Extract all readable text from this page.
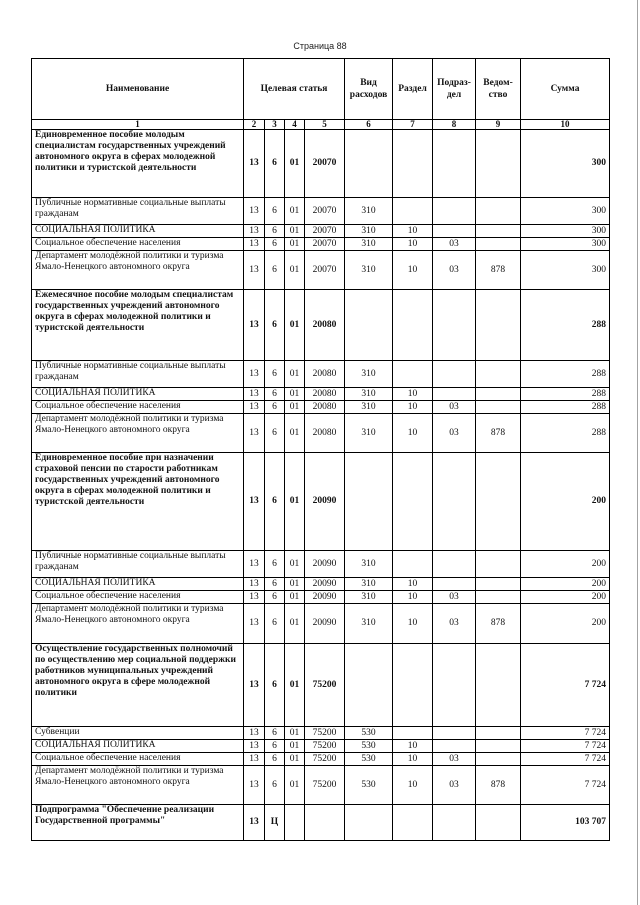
Страница 88
Наименование	Целевая статья				Вид расходов	Раздел	Подраз-дел	Ведом-ство	Сумма
1	2	3	4	5	6	7	8	9	10
Единовременное пособие молодым специалистам государственных учреждений автономного округа в сферах молодежной политики и туристской деятельности	13	6	01	20070					300
Публичные нормативные социальные выплаты гражданам	13	6	01	20070	310				300
СОЦИАЛЬНАЯ ПОЛИТИКА	13	6	01	20070	310	10			300
Социальное обеспечение населения	13	6	01	20070	310	10	03		300
Департамент молодёжной политики и туризма Ямало-Ненецкого автономного округа	13	6	01	20070	310	10	03	878	300
Ежемесячное пособие молодым специалистам государственных учреждений автономного округа в сферах молодежной политики и туристской деятельности	13	6	01	20080					288
Публичные нормативные социальные выплаты гражданам	13	6	01	20080	310				288
СОЦИАЛЬНАЯ ПОЛИТИКА	13	6	01	20080	310	10			288
Социальное обеспечение населения	13	6	01	20080	310	10	03		288
Департамент молодёжной политики и туризма Ямало-Ненецкого автономного округа	13	6	01	20080	310	10	03	878	288
Единовременное пособие при назначении страховой пенсии по старости работникам государственных учреждений автономного округа в сферах молодежной политики и туристской деятельности	13	6	01	20090					200
Публичные нормативные социальные выплаты гражданам	13	6	01	20090	310				200
СОЦИАЛЬНАЯ ПОЛИТИКА	13	6	01	20090	310	10			200
Социальное обеспечение населения	13	6	01	20090	310	10	03		200
Департамент молодёжной политики и туризма Ямало-Ненецкого автономного округа	13	6	01	20090	310	10	03	878	200
Осуществление государственных полномочий по осуществлению мер социальной поддержки работников муниципальных учреждений автономного округа в сфере молодежной политики	13	6	01	75200					7 724
Субвенции	13	6	01	75200	530				7 724
СОЦИАЛЬНАЯ ПОЛИТИКА	13	6	01	75200	530	10			7 724
Социальное обеспечение населения	13	6	01	75200	530	10	03		7 724
Департамент молодёжной политики и туризма Ямало-Ненецкого автономного округа	13	6	01	75200	530	10	03	878	7 724
Подпрограмма "Обеспечение реализации Государственной программы"	13	Ц							103 707
